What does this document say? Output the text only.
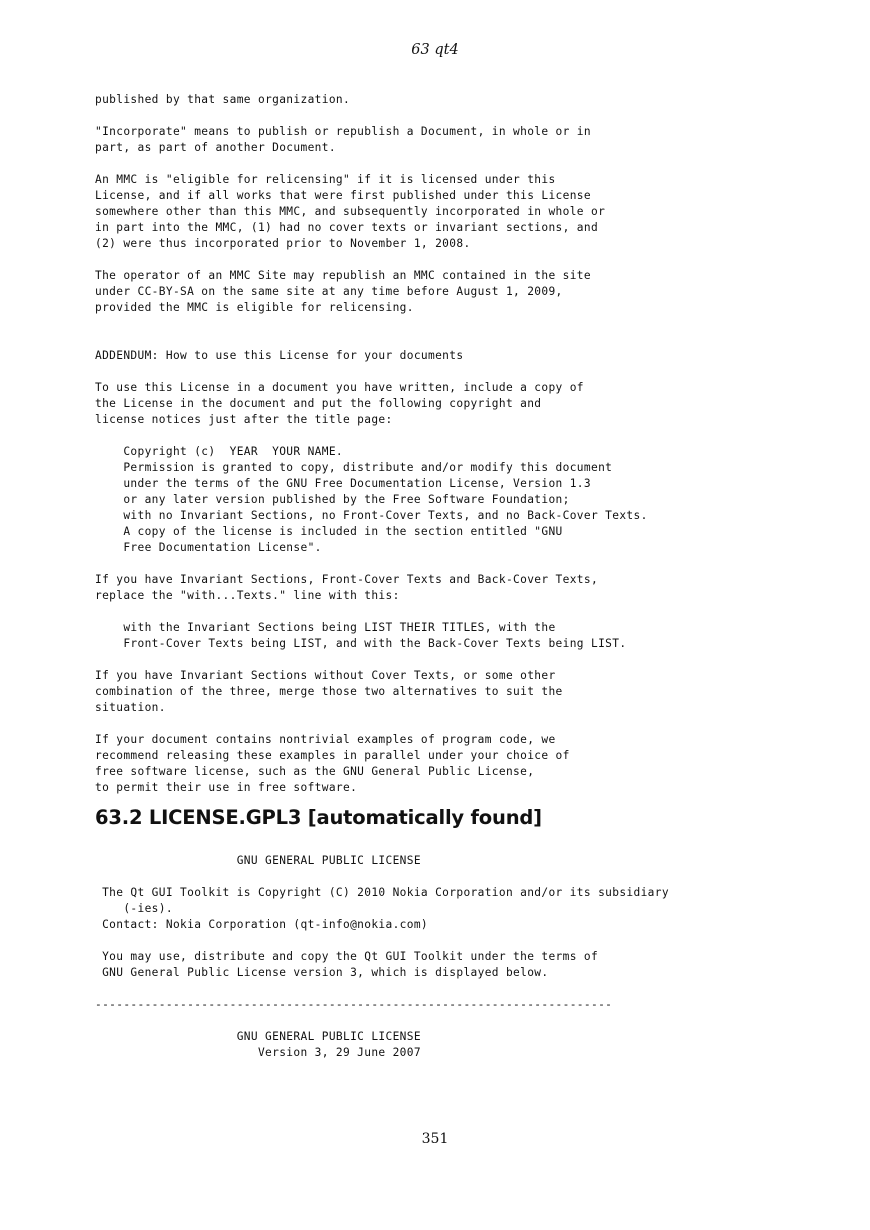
63 qt4
published by that same organization.

"Incorporate" means to publish or republish a Document, in whole or in
part, as part of another Document.

An MMC is "eligible for relicensing" if it is licensed under this
License, and if all works that were first published under this License
somewhere other than this MMC, and subsequently incorporated in whole or
in part into the MMC, (1) had no cover texts or invariant sections, and
(2) were thus incorporated prior to November 1, 2008.

The operator of an MMC Site may republish an MMC contained in the site
under CC-BY-SA on the same site at any time before August 1, 2009,
provided the MMC is eligible for relicensing.

ADDENDUM: How to use this License for your documents

To use this License in a document you have written, include a copy of
the License in the document and put the following copyright and
license notices just after the title page:

Copyright (c)  YEAR  YOUR NAME.
Permission is granted to copy, distribute and/or modify this document
under the terms of the GNU Free Documentation License, Version 1.3
or any later version published by the Free Software Foundation;
with no Invariant Sections, no Front-Cover Texts, and no Back-Cover Texts.
A copy of the license is included in the section entitled "GNU
Free Documentation License".

If you have Invariant Sections, Front-Cover Texts and Back-Cover Texts,
replace the "with...Texts." line with this:

with the Invariant Sections being LIST THEIR TITLES, with the
Front-Cover Texts being LIST, and with the Back-Cover Texts being LIST.

If you have Invariant Sections without Cover Texts, or some other
combination of the three, merge those two alternatives to suit the
situation.

If your document contains nontrivial examples of program code, we
recommend releasing these examples in parallel under your choice of
free software license, such as the GNU General Public License,
to permit their use in free software.
63.2 LICENSE.GPL3 [automatically found]
GNU GENERAL PUBLIC LICENSE

The Qt GUI Toolkit is Copyright (C) 2010 Nokia Corporation and/or its subsidiary
(-ies).
Contact: Nokia Corporation (qt-info@nokia.com)

You may use, distribute and copy the Qt GUI Toolkit under the terms of
GNU General Public License version 3, which is displayed below.

-------------------------------------------------------------------------

GNU GENERAL PUBLIC LICENSE
Version 3, 29 June 2007
351
